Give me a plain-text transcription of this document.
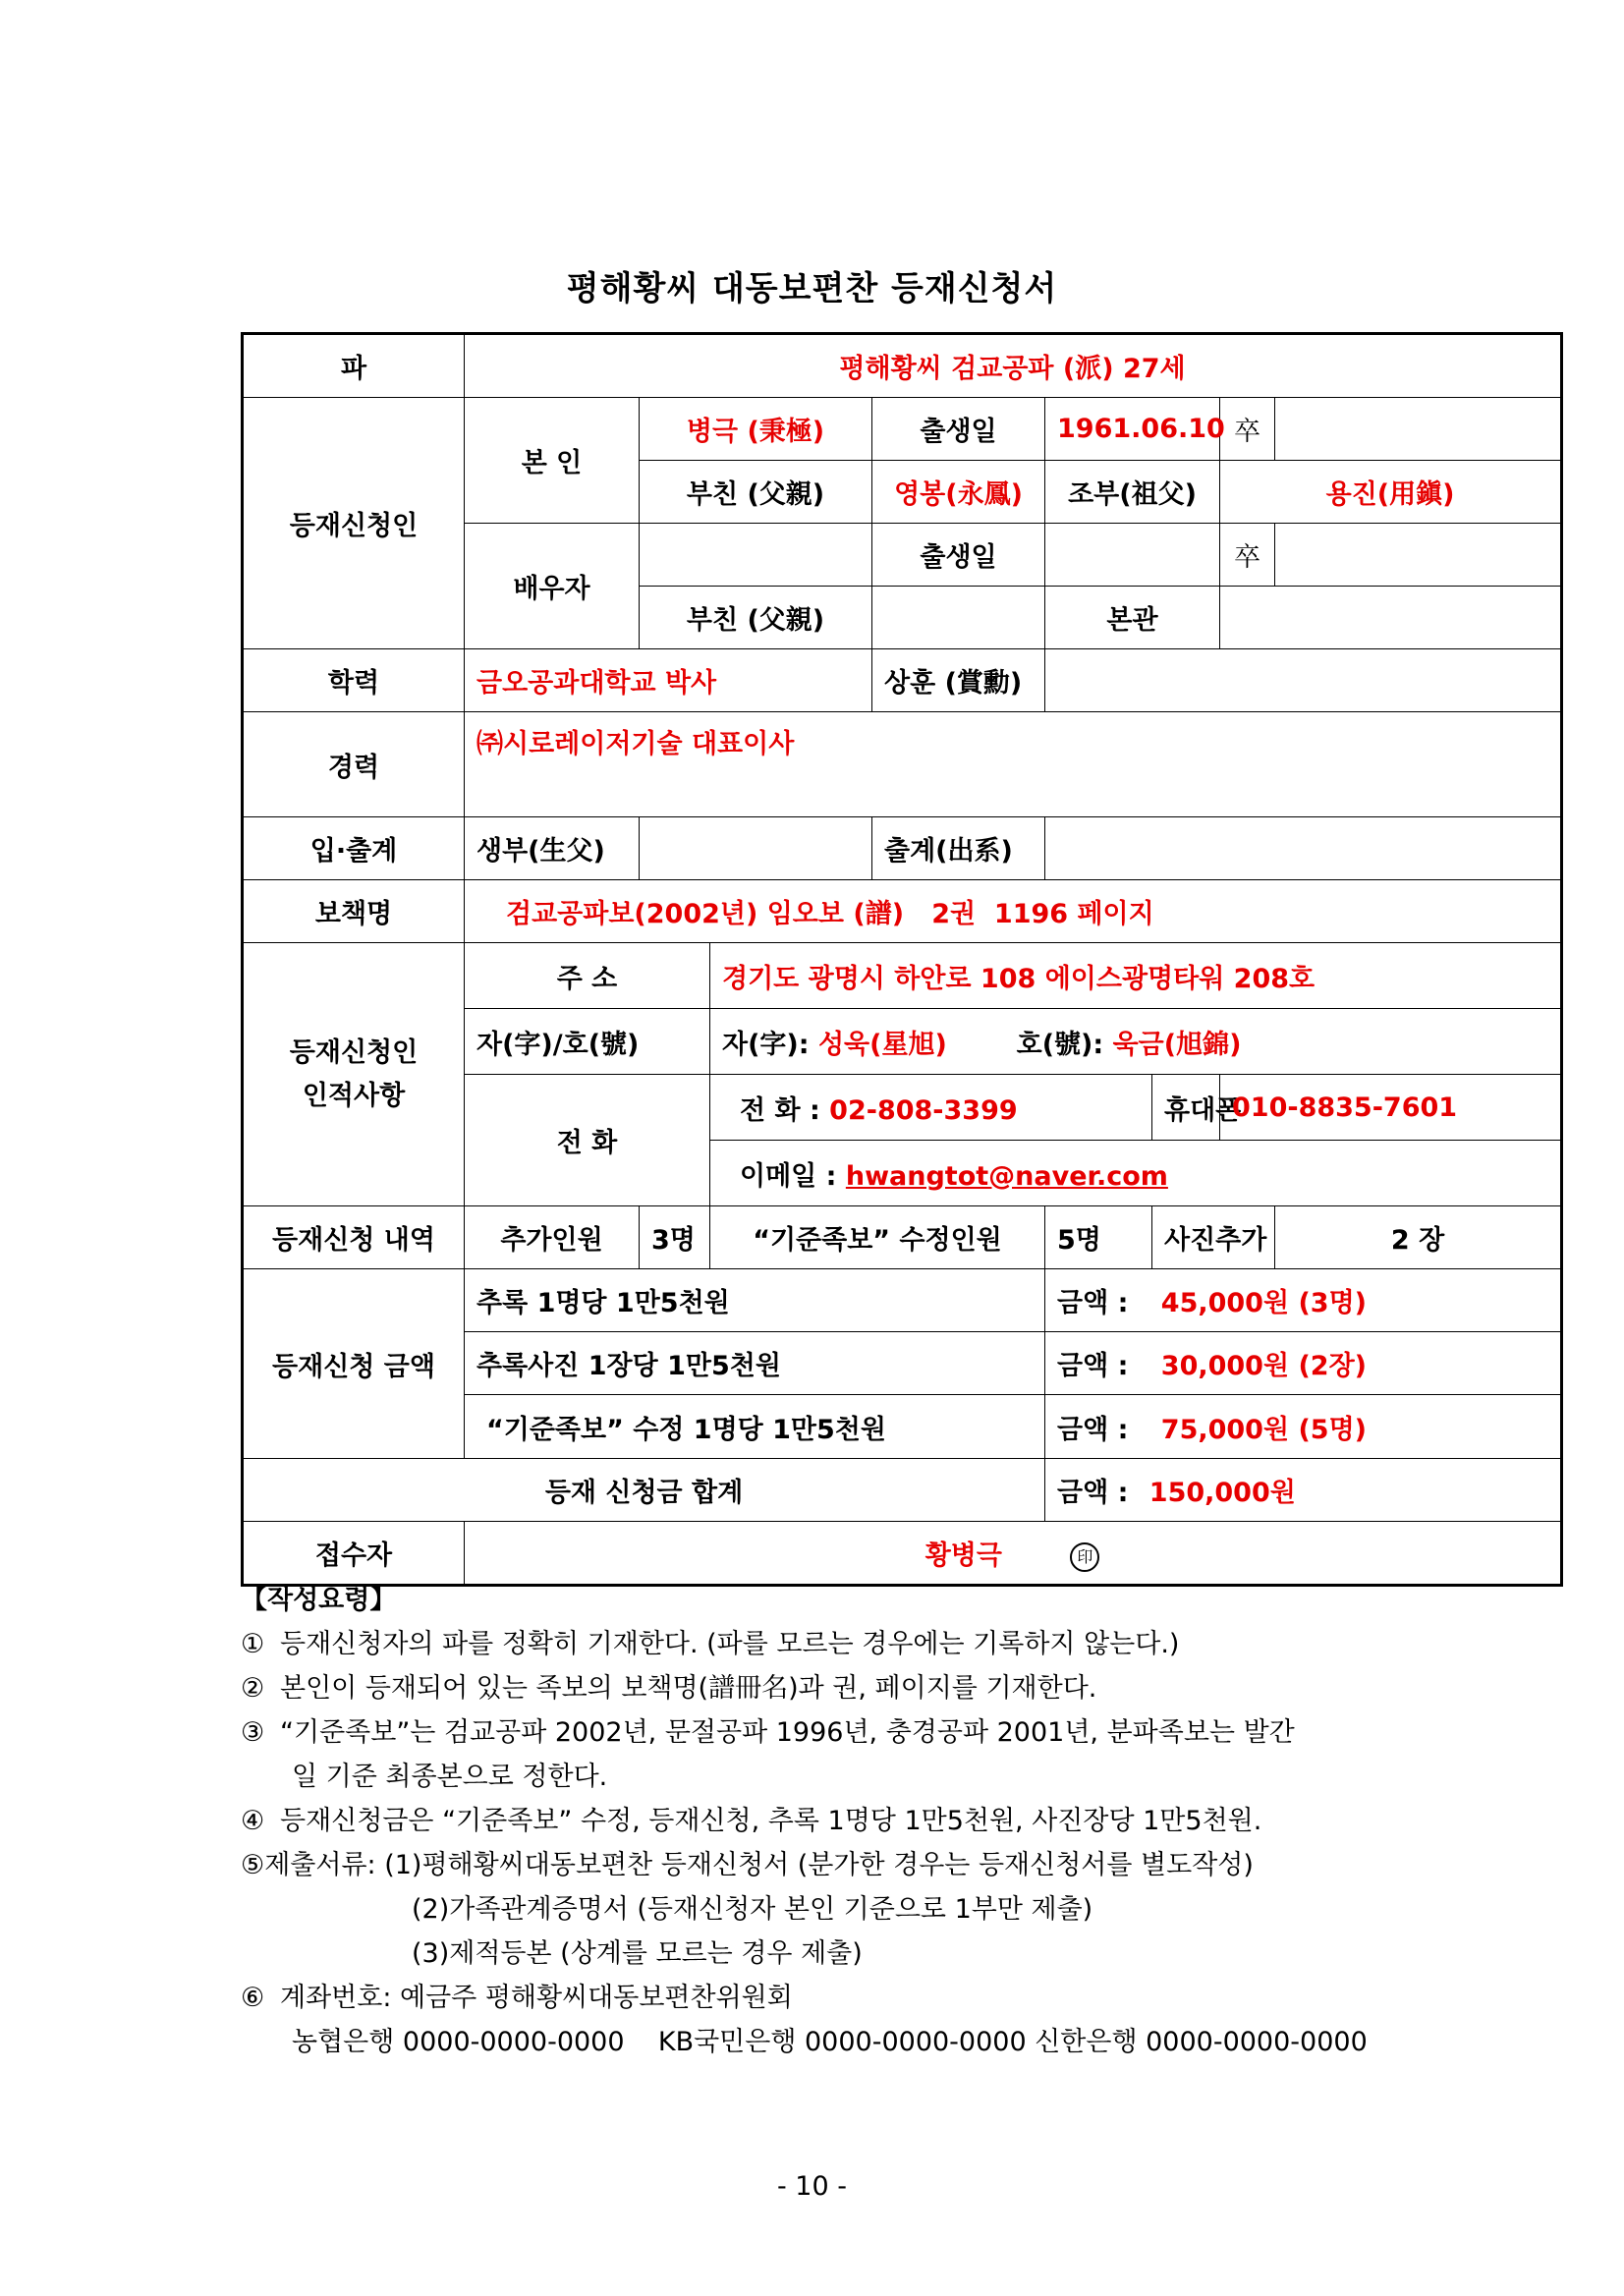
평해황씨 대동보편찬 등재신청서
파	평해황씨 검교공파 (派) 27세							
등재신청인	본 인	병극 (秉極)		출생일	1961.06.10		卒	
		부친 (父親)		영봉(永鳳)	조부(祖父)		용진(用鎭)	
	배우자			출생일			卒	
		부친 (父親)			본관			
학력	금오공과대학교 박사			상훈 (賞勳)				
경력	㈜시로레이저기술 대표이사							
입·출계	생부(生父)			출계(出系)				
보책명	검교공파보(2002년) 임오보 (譜)   2권  1196 페이지							

등재신청인
인적사항	주 소		경기도 광명시 하안로 108 에이스광명타워 208호					
	자(字)/호(號)		자(字): 성욱(星旭) 호(號): 욱금(旭錦)					
	전 화		전 화 : 02-808-3399			휴대폰	010-8835-7601	
			이메일 : hwangtot@naver.com					
등재신청 내역	추가인원	3명	“기준족보” 수정인원		5명	사진추가		2 장
등재신청 금액	추록 1명당 1만5천원				금액 : 45,000원 (3명)			
	추록사진 1장당 1만5천원				금액 : 30,000원 (2장)			
	“기준족보” 수정 1명당 1만5천원				금액 : 75,000원 (5명)			
등재 신청금 합계					금액 : 150,000원			
접수자	황병극 印							
【작성요령】
① 등재신청자의 파를 정확히 기재한다. (파를 모르는 경우에는 기록하지 않는다.)
② 본인이 등재되어 있는 족보의 보책명(譜冊名)과 권, 페이지를 기재한다.
③ “기준족보”는 검교공파 2002년, 문절공파 1996년, 충경공파 2001년, 분파족보는 발간
일 기준 최종본으로 정한다.
④ 등재신청금은 “기준족보” 수정, 등재신청, 추록 1명당 1만5천원, 사진장당 1만5천원.
⑤제출서류: (1)평해황씨대동보편찬 등재신청서 (분가한 경우는 등재신청서를 별도작성)
(2)가족관계증명서 (등재신청자 본인 기준으로 1부만 제출)
(3)제적등본 (상계를 모르는 경우 제출)
⑥ 계좌번호: 예금주 평해황씨대동보편찬위원회
농협은행 0000-0000-0000    KB국민은행 0000-0000-0000 신한은행 0000-0000-0000
- 10 -
